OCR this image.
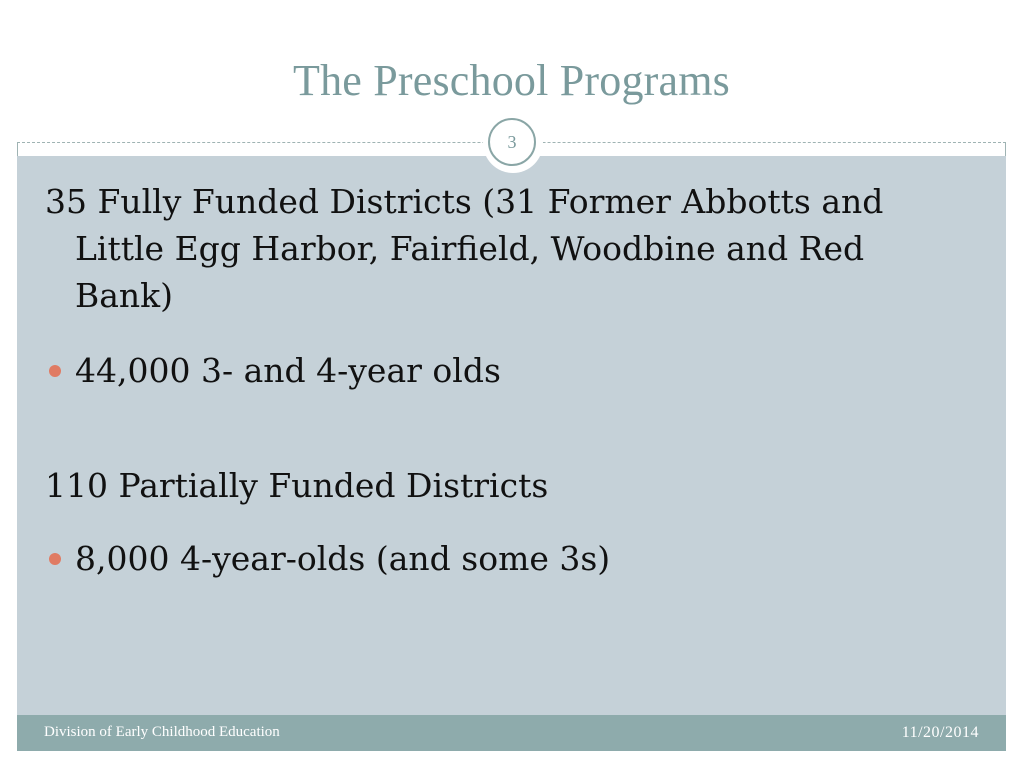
The Preschool Programs
3
35 Fully Funded Districts (31 Former Abbotts and Little Egg Harbor, Fairfield, Woodbine and Red Bank)
44,000 3- and 4-year olds
110 Partially Funded Districts
8,000 4-year-olds (and some 3s)
Division of Early Childhood Education	11/20/2014
